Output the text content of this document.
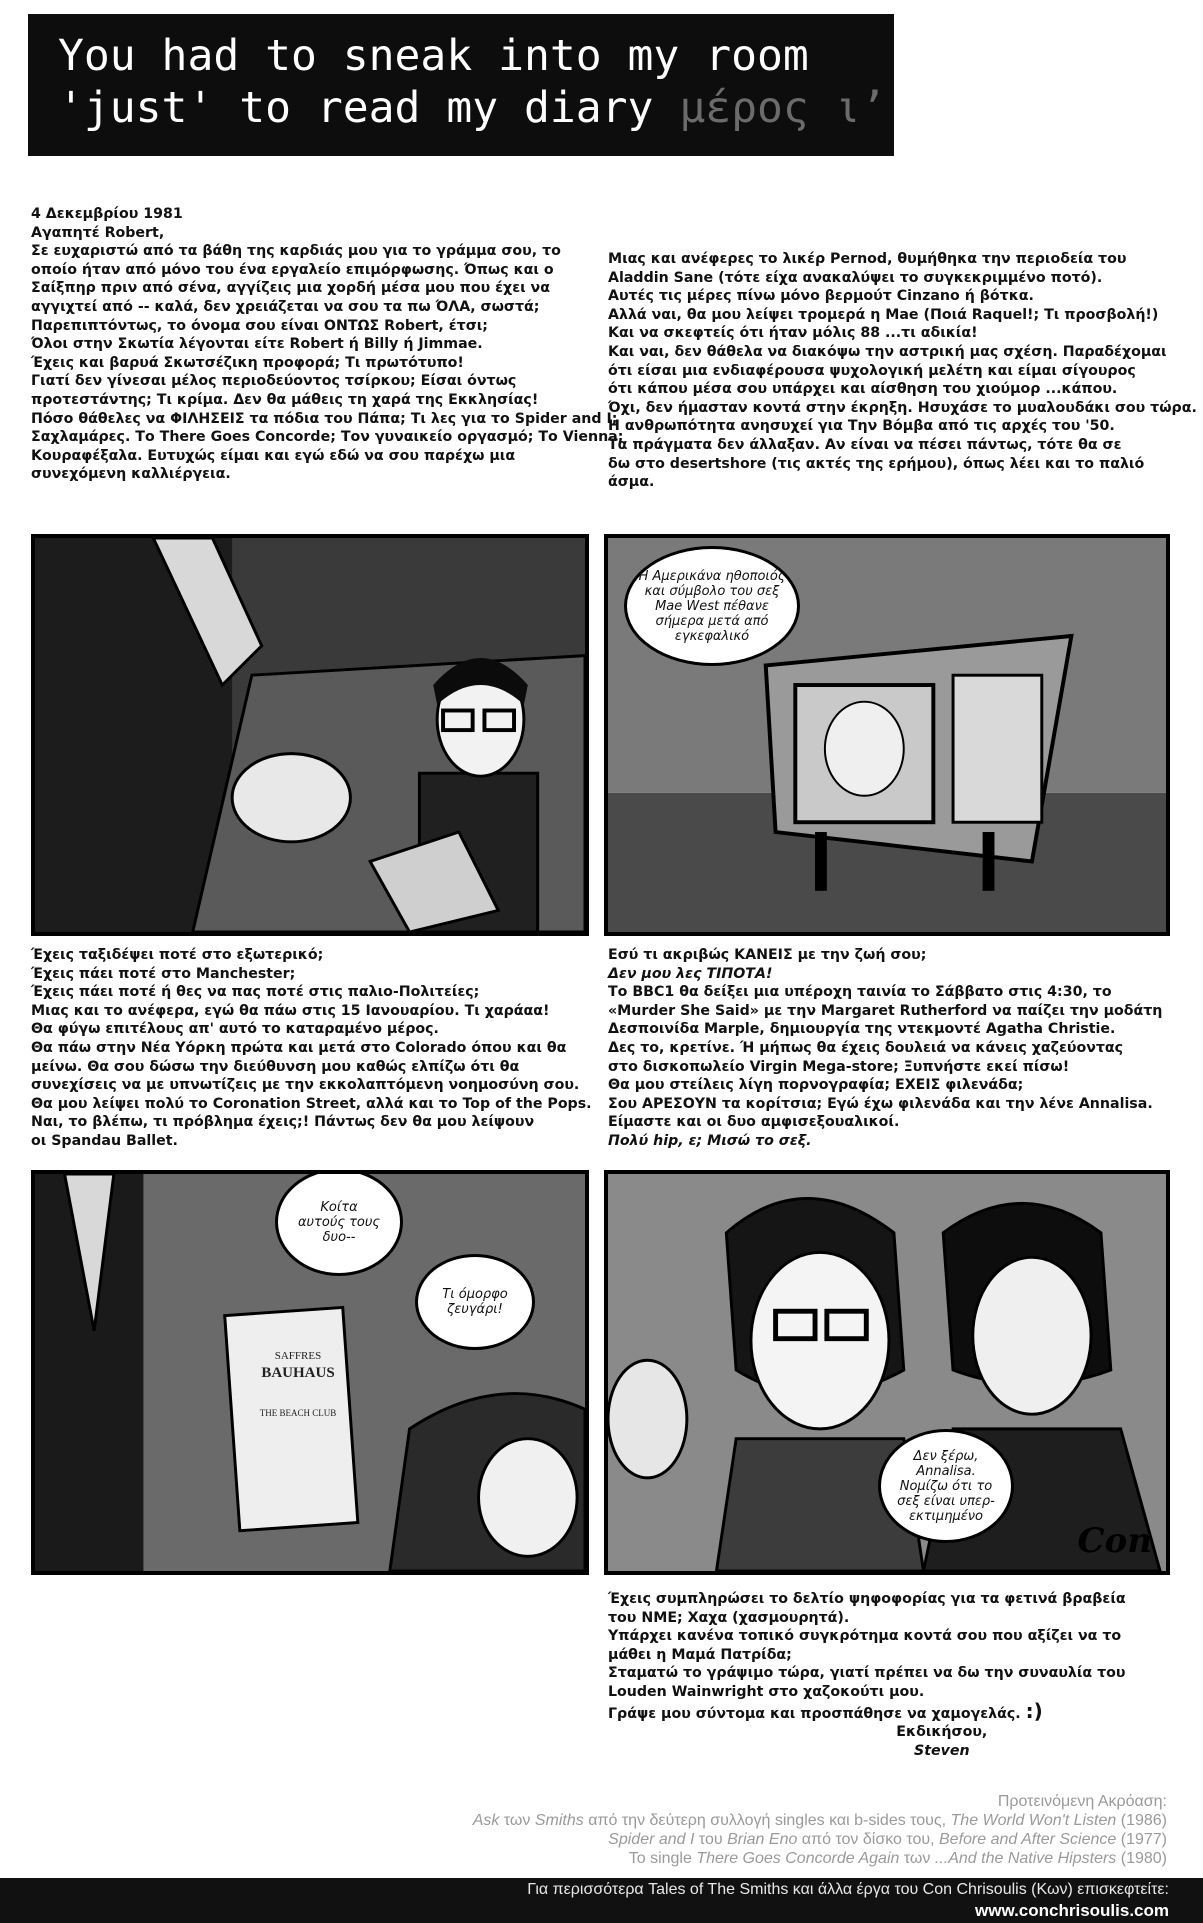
You had to sneak into my room
'just' to read my diary μέρος ι’

4 Δεκεμβρίου 1981

Αγαπητέ Robert,

Σε ευχαριστώ από τα βάθη της καρδιάς μου για το γράμμα σου, το

οποίο ήταν από μόνο του ένα εργαλείο επιμόρφωσης. Όπως και ο

Σαίξπηρ πριν από σένα, αγγίζεις μια χορδή μέσα μου που έχει να

αγγιχτεί από -- καλά, δεν χρειάζεται να σου τα πω ΌΛΑ, σωστά;

Παρεπιπτόντως, το όνομα σου είναι ΟΝΤΩΣ Robert, έτσι;

Όλοι στην Σκωτία λέγονται είτε Robert ή Billy ή Jimmae.

Έχεις και βαρυά Σκωτσέζικη προφορά; Τι πρωτότυπο!

Γιατί δεν γίνεσαι μέλος περιοδεύοντος τσίρκου; Είσαι όντως

προτεστάντης; Τι κρίμα. Δεν θα μάθεις τη χαρά της Εκκλησίας!

Πόσο θάθελες να ΦΙΛΗΣΕΙΣ τα πόδια του Πάπα; Τι λες για το Spider and I;

Σαχλαμάρες. Το There Goes Concorde; Τον γυναικείο οργασμό; Το Vienna;

Κουραφέξαλα. Ευτυχώς είμαι και εγώ εδώ να σου παρέχω μια

συνεχόμενη καλλιέργεια.

Μιας και ανέφερες το λικέρ Pernod, θυμήθηκα την περιοδεία του

Aladdin Sane (τότε είχα ανακαλύψει το συγκεκριμμένο ποτό).

Αυτές τις μέρες πίνω μόνο βερμούτ Cinzano ή βότκα.

Αλλά ναι, θα μου λείψει τρομερά η Mae (Ποιά Raquel!; Τι προσβολή!)

Και να σκεφτείς ότι ήταν μόλις 88 ...τι αδικία!

Και ναι, δεν θάθελα να διακόψω την αστρική μας σχέση. Παραδέχομαι

ότι είσαι μια ενδιαφέρουσα ψυχολογική μελέτη και είμαι σίγουρος

ότι κάπου μέσα σου υπάρχει και αίσθηση του χιούμορ ...κάπου.

Όχι, δεν ήμασταν κοντά στην έκρηξη. Ησυχάσε το μυαλουδάκι σου τώρα.

Η ανθρωπότητα ανησυχεί για Την Βόμβα από τις αρχές του '50.

Τα πράγματα δεν άλλαξαν. Αν είναι να πέσει πάντως, τότε θα σε

δω στο desertshore (τις ακτές της ερήμου), όπως λέει και το παλιό

άσμα.

Η Αμερικάνα ηθοποιός
και σύμβολο του σεξ
Mae West πέθανε
σήμερα μετά από
εγκεφαλικό

Έχεις ταξιδέψει ποτέ στο εξωτερικό;

Έχεις πάει ποτέ στο Manchester;

Έχεις πάει ποτέ ή θες να πας ποτέ στις παλιο-Πολιτείες;

Μιας και το ανέφερα, εγώ θα πάω στις 15 Ιανουαρίου. Τι χαράαα!

Θα φύγω επιτέλους απ' αυτό το καταραμένο μέρος.

Θα πάω στην Νέα Υόρκη πρώτα και μετά στο Colorado όπου και θα

μείνω. Θα σου δώσω την διεύθυνση μου καθώς ελπίζω ότι θα

συνεχίσεις να με υπνωτίζεις με την εκκολαπτόμενη νοημοσύνη σου.

Θα μου λείψει πολύ το Coronation Street, αλλά και το Top of the Pops.

Ναι, το βλέπω, τι πρόβλημα έχεις;! Πάντως δεν θα μου λείψουν

οι Spandau Ballet.

Εσύ τι ακριβώς ΚΑΝΕΙΣ με την ζωή σου;

Δεν μου λες ΤΙΠΟΤΑ!

Το BBC1 θα δείξει μια υπέροχη ταινία το Σάββατο στις 4:30, το

«Murder She Said» με την Margaret Rutherford να παίζει την μοδάτη

Δεσποινίδα Marple, δημιουργία της ντεκμοντέ Agatha Christie.

Δες το, κρετίνε. Ή μήπως θα έχεις δουλειά να κάνεις χαζεύοντας

στο δισκοπωλείο Virgin Mega-store; Ξυπνήστε εκεί πίσω!

Θα μου στείλεις λίγη πορνογραφία; ΕΧΕΙΣ φιλενάδα;

Σου ΑΡΕΣΟΥΝ τα κορίτσια; Εγώ έχω φιλενάδα και την λένε Annalisa.

Είμαστε και οι δυο αμφισεξουαλικοί.

Πολύ hip, ε; Μισώ το σεξ.

SAFFRES
BAUHAUS
THE BEACH CLUB
Κοίτα
αυτούς τους
δυο--
Τι όμορφο
ζευγάρι!
Δεν ξέρω,
Annalisa.
Νομίζω ότι το
σεξ είναι υπερ-
εκτιμημένο
Con

Έχεις συμπληρώσει το δελτίο ψηφοφορίας για τα φετινά βραβεία

του NME; Χαχα (χασμουρητά).

Υπάρχει κανένα τοπικό συγκρότημα κοντά σου που αξίζει να το

μάθει η Μαμά Πατρίδα;

Σταματώ το γράψιμο τώρα, γιατί πρέπει να δω την συναυλία του

Louden Wainwright στο χαζοκούτι μου.

Γράψε μου σύντομα και προσπάθησε να χαμογελάς. :)

Εκδικήσου,

Steven

Προτεινόμενη Ακρόαση:

Ask των Smiths από την δεύτερη συλλογή singles και b-sides τους, The World Won't Listen (1986)

Spider and I του Brian Eno από τον δίσκο του, Before and After Science (1977)

To single There Goes Concorde Again των ...And the Native Hipsters (1980)

Για περισσότερα Tales of The Smiths και άλλα έργα του Con Chrisoulis (Κων) επισκεφτείτε:
www.conchrisoulis.com
